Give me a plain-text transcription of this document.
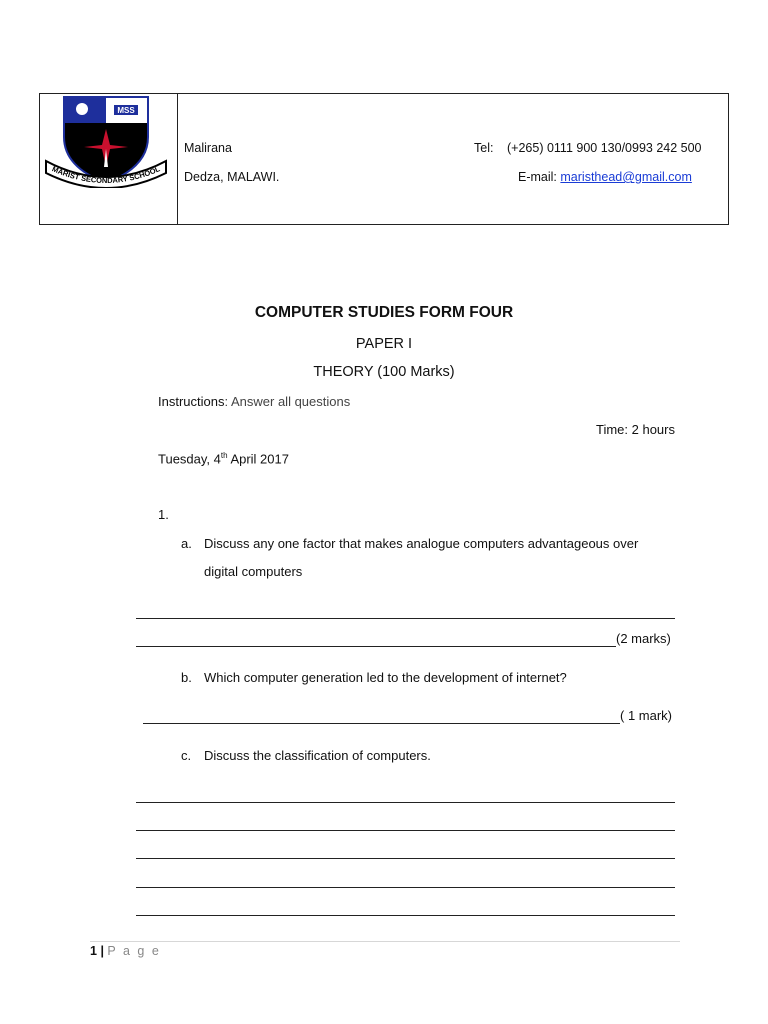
MSS
MARIST SECONDARY SCHOOL
Malirana
Dedza, MALAWI.
Tel: (+265) 0111 900 130/0993 242 500
E-mail: maristhead@gmail.com
COMPUTER STUDIES FORM FOUR
PAPER I
THEORY (100 Marks)
Instructions: Answer all questions
Time: 2 hours
Tuesday, 4th April 2017
1.
a. Discuss any one factor that makes analogue computers advantageous over
digital computers
(2 marks)
b. Which computer generation led to the development of internet?
( 1 mark)
c. Discuss the classification of computers.
1 | P a g e
